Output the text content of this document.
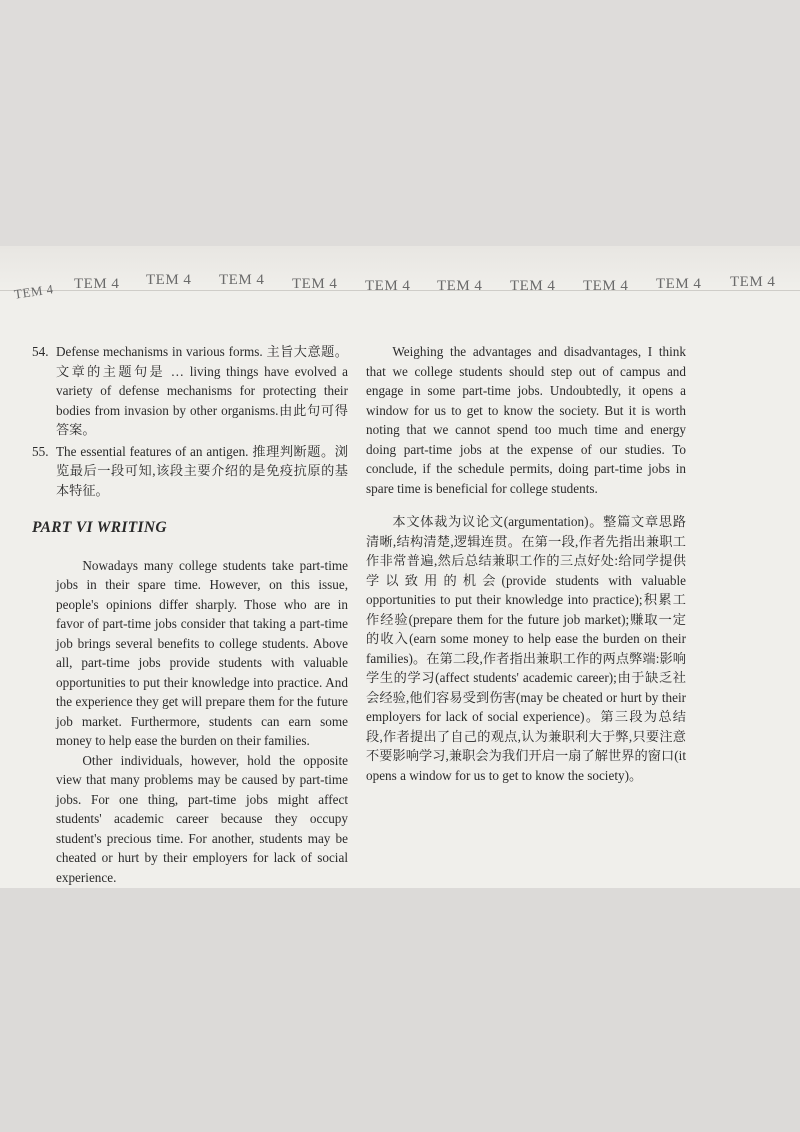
TEM 4 TEM 4 TEM 4 TEM 4 TEM 4 TEM 4 TEM 4 TEM 4 TEM 4 TEM 4 TEM 4
54. Defense mechanisms in various forms. 主旨大意题。文章的主题句是 … living things have evolved a variety of defense mechanisms for protecting their bodies from invasion by other organisms.由此句可得答案。
55. The essential features of an antigen. 推理判断题。浏览最后一段可知,该段主要介绍的是免疫抗原的基本特征。
PART VI WRITING

Nowadays many college students take part-time jobs in their spare time. However, on this issue, people's opinions differ sharply. Those who are in favor of part-time jobs consider that taking a part-time job brings several benefits to college students. Above all, part-time jobs provide students with valuable opportunities to put their knowledge into practice. And the experience they get will prepare them for the future job market. Furthermore, students can earn some money to help ease the burden on their families.

Other individuals, however, hold the opposite view that many problems may be caused by part-time jobs. For one thing, part-time jobs might affect students' academic career because they occupy student's precious time. For another, students may be cheated or hurt by their employers for lack of social experience.

Weighing the advantages and disadvantages, I think that we college students should step out of campus and engage in some part-time jobs. Undoubtedly, it opens a window for us to get to know the society. But it is worth noting that we cannot spend too much time and energy doing part-time jobs at the expense of our studies. To conclude, if the schedule permits, doing part-time jobs in spare time is beneficial for college students.

本文体裁为议论文(argumentation)。整篇文章思路清晰,结构清楚,逻辑连贯。在第一段,作者先指出兼职工作非常普遍,然后总结兼职工作的三点好处:给同学提供学以致用的机会(provide students with valuable opportunities to put their knowledge into practice);积累工作经验(prepare them for the future job market);赚取一定的收入(earn some money to help ease the burden on their families)。在第二段,作者指出兼职工作的两点弊端:影响学生的学习(affect students' academic career);由于缺乏社会经验,他们容易受到伤害(may be cheated or hurt by their employers for lack of social experience)。第三段为总结段,作者提出了自己的观点,认为兼职利大于弊,只要注意不要影响学习,兼职会为我们开启一扇了解世界的窗口(it opens a window for us to get to know the society)。
